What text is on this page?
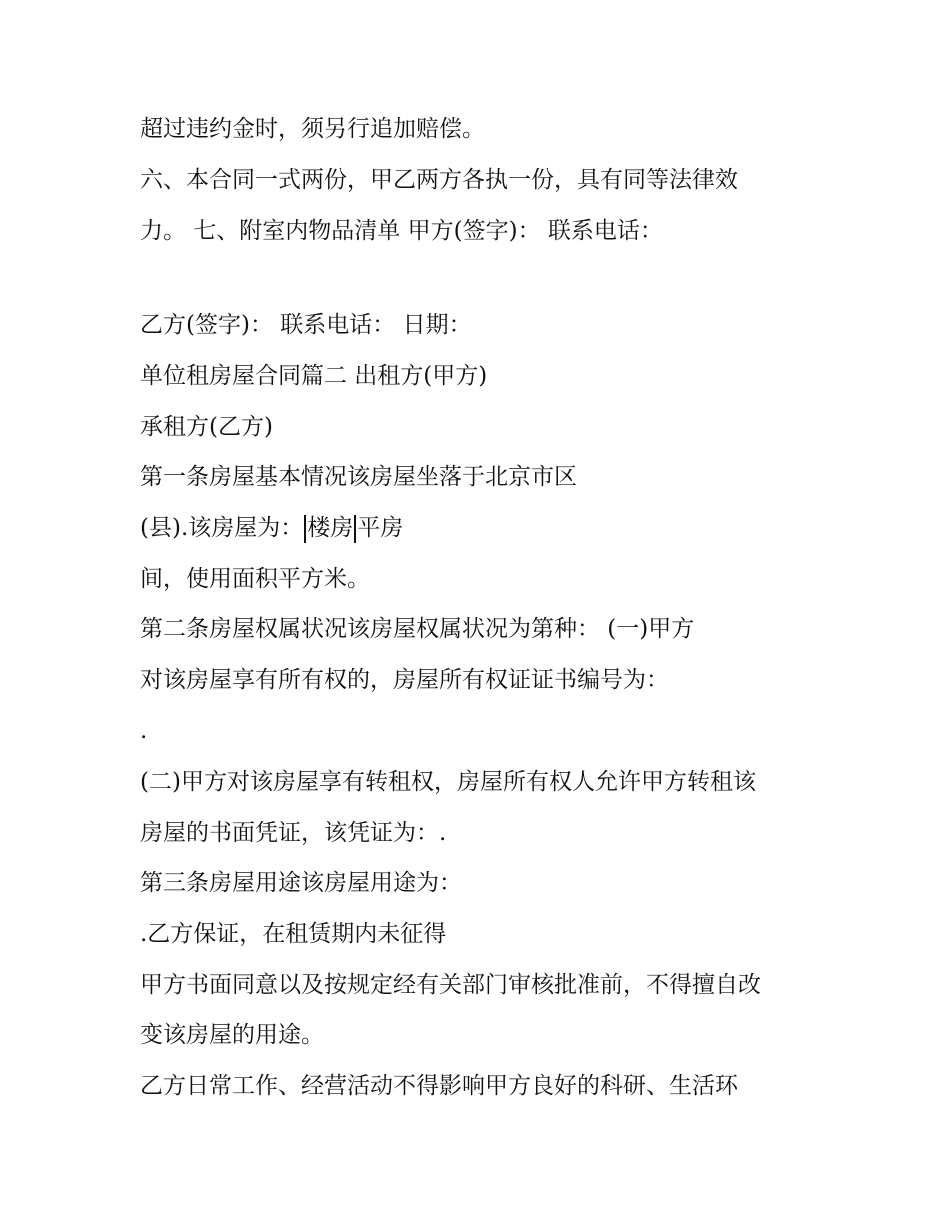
超过违约金时，须另行追加赔偿。
六、本合同一式两份，甲乙两方各执一份，具有同等法律效
力。 七、附室内物品清单 甲方(签字)： 联系电话：
乙方(签字)： 联系电话： 日期：
单位租房屋合同篇二 出租方(甲方)
承租方(乙方)
第一条房屋基本情况该房屋坐落于北京市区
(县).该房屋为： 楼房 平房
间，使用面积平方米。
第二条房屋权属状况该房屋权属状况为第种： (一)甲方
对该房屋享有所有权的，房屋所有权证证书编号为：
.
(二)甲方对该房屋享有转租权，房屋所有权人允许甲方转租该
房屋的书面凭证，该凭证为：.
第三条房屋用途该房屋用途为：
.乙方保证，在租赁期内未征得
甲方书面同意以及按规定经有关部门审核批准前，不得擅自改
变该房屋的用途。
乙方日常工作、经营活动不得影响甲方良好的科研、生活环
